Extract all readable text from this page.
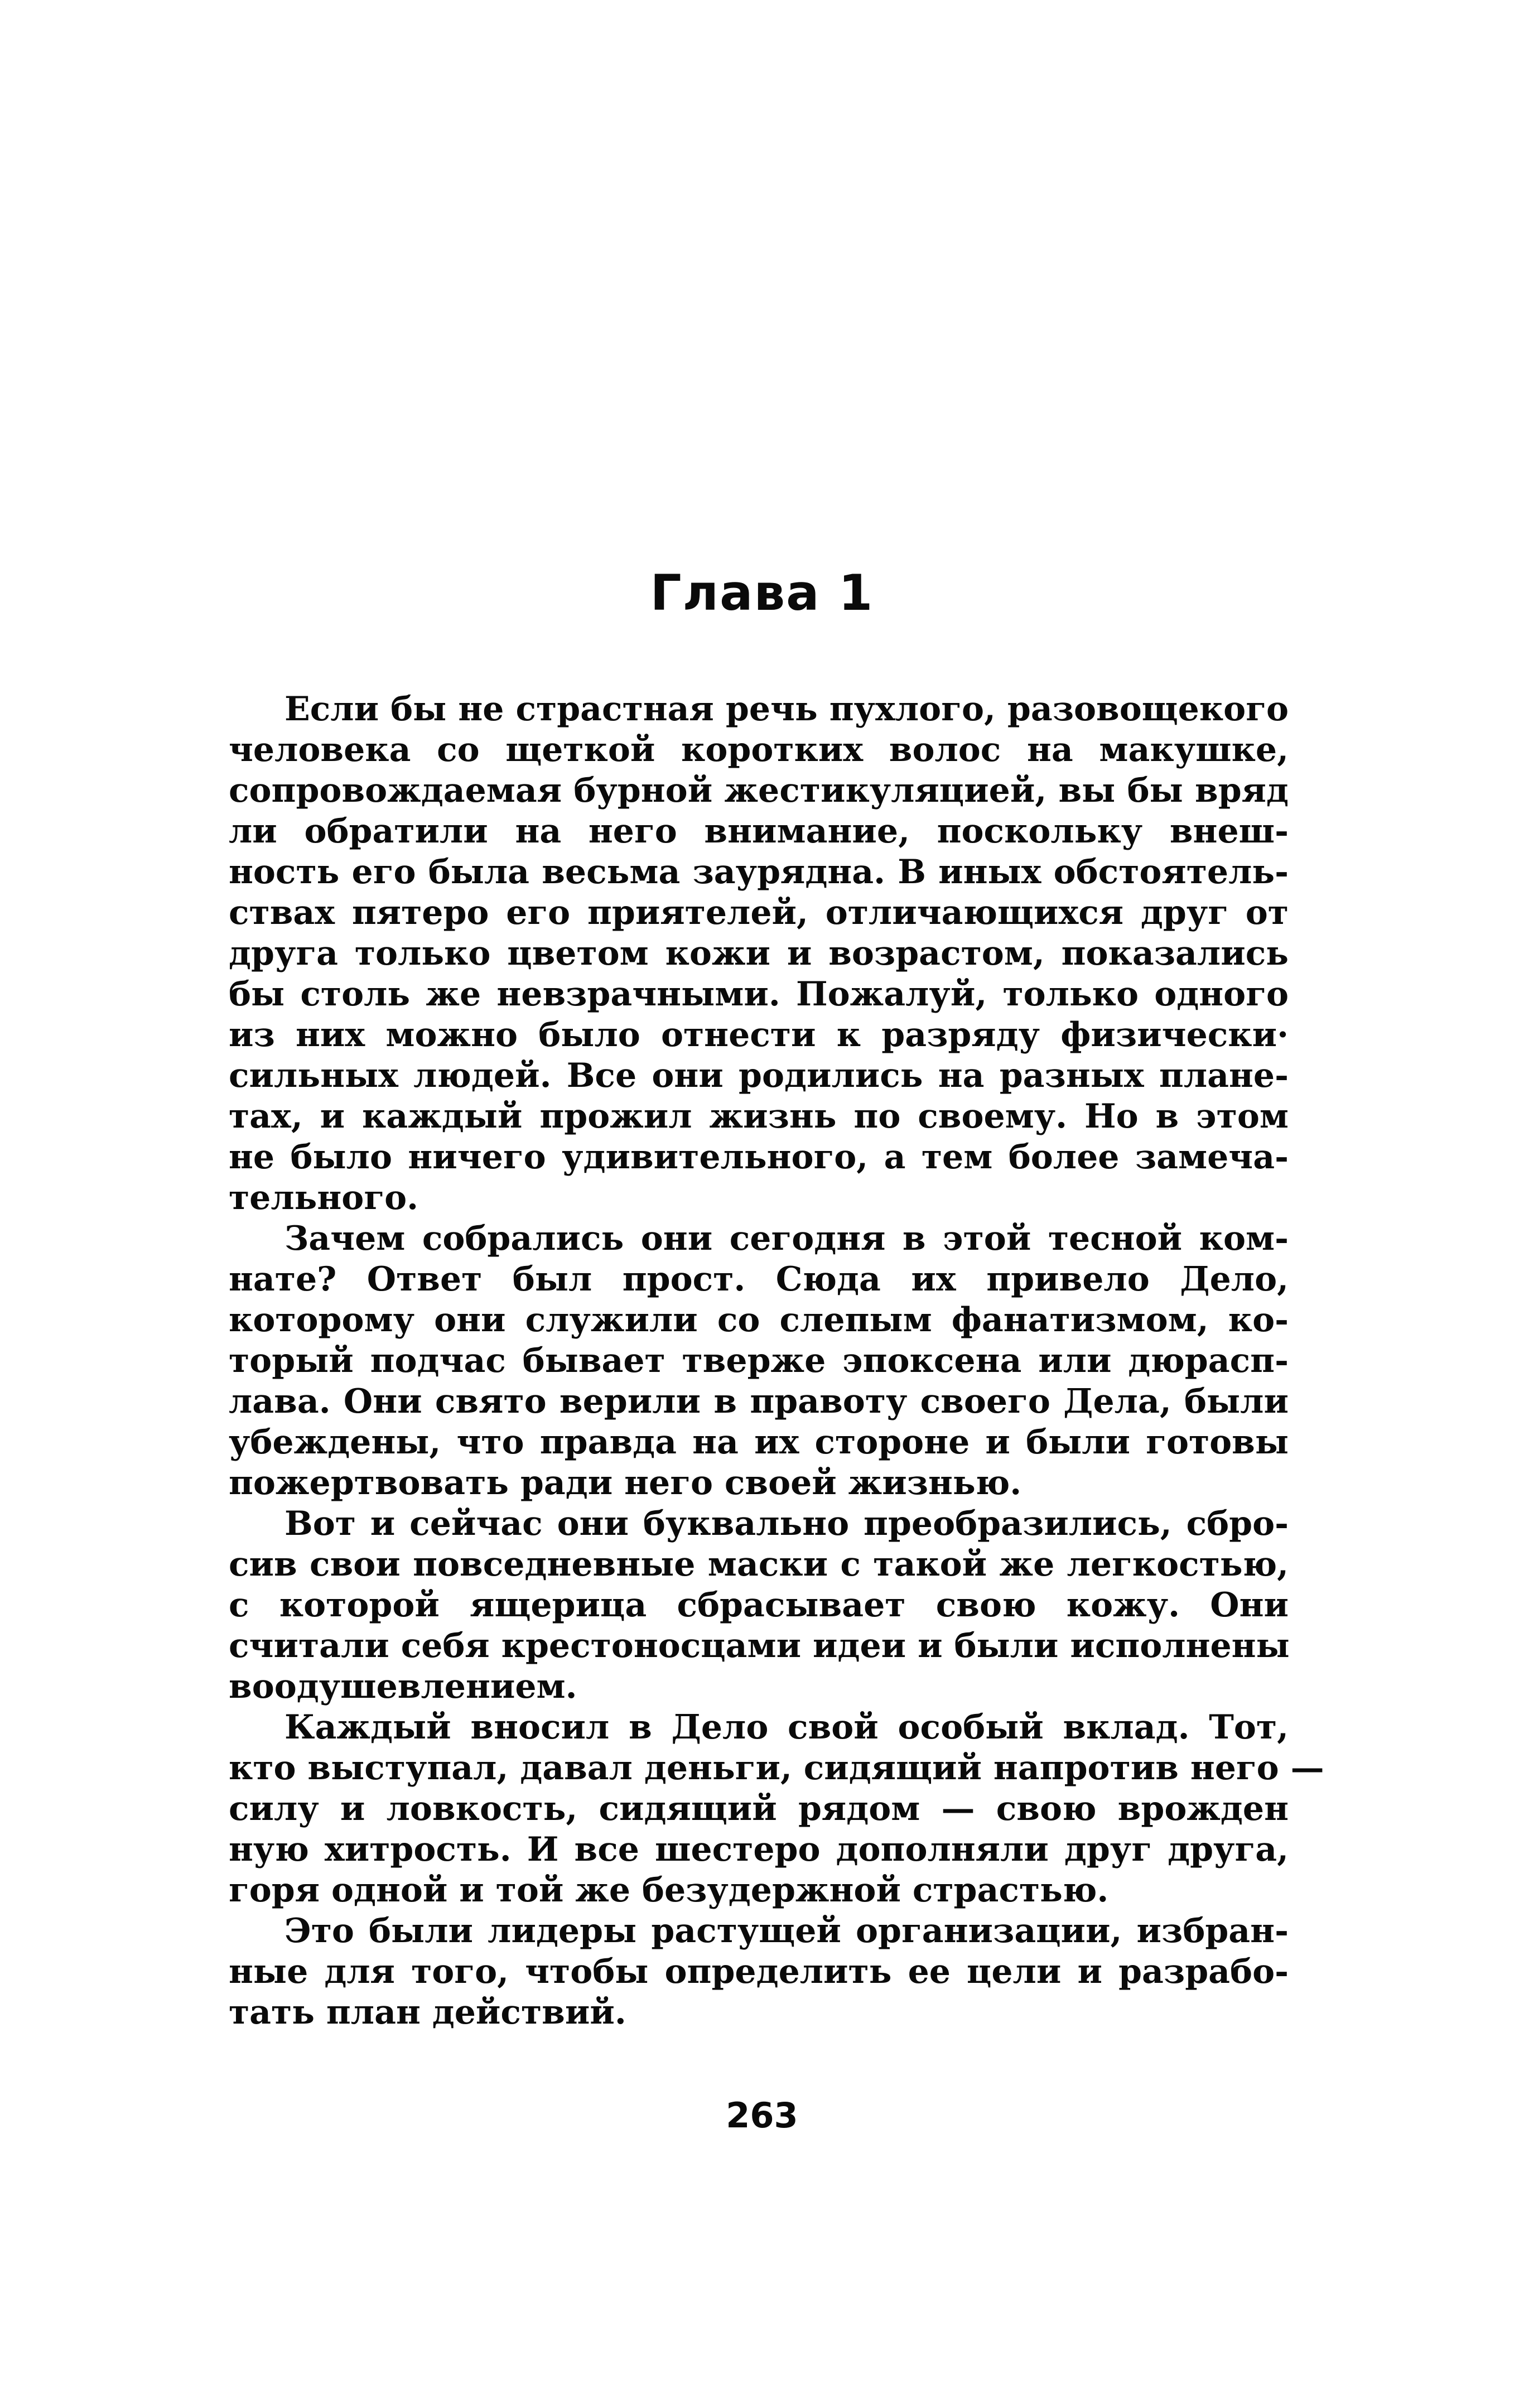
Глава 1

Если бы не страстная речь пухлого, разовощекого
человека со щеткой коротких волос на макушке,
сопровождаемая бурной жестикуляцией, вы бы вряд
ли обратили на него внимание, поскольку внеш-
ность его была весьма заурядна. В иных обстоятель-
ствах пятеро его приятелей, отличающихся друг от
друга только цветом кожи и возрастом, показались
бы столь же невзрачными. Пожалуй, только одного
из них можно было отнести к разряду физически·
сильных людей. Все они родились на разных плане-
тах, и каждый прожил жизнь по своему. Но в этом
не было ничего удивительного, а тем более замеча-
тельного.

Зачем собрались они сегодня в этой тесной ком-
нате? Ответ был прост. Сюда их привело Дело,
которому они служили со слепым фанатизмом, ко-
торый подчас бывает тверже эпоксена или дюрасп-
лава. Они свято верили в правоту своего Дела, были
убеждены, что правда на их стороне и были готовы
пожертвовать ради него своей жизнью.

Вот и сейчас они буквально преобразились, сбро-
сив свои повседневные маски с такой же легкостью,
с которой ящерица сбрасывает свою кожу. Они
считали себя крестоносцами идеи и были исполнены
воодушевлением.

Каждый вносил в Дело свой особый вклад. Тот,
кто выступал, давал деньги, сидящий напротив него —
силу и ловкость, сидящий рядом — свою врожден
ную хитрость. И все шестеро дополняли друг друга,
горя одной и той же безудержной страстью.

Это были лидеры растущей организации, избран-
ные для того, чтобы определить ее цели и разрабо-
тать план действий.

263
